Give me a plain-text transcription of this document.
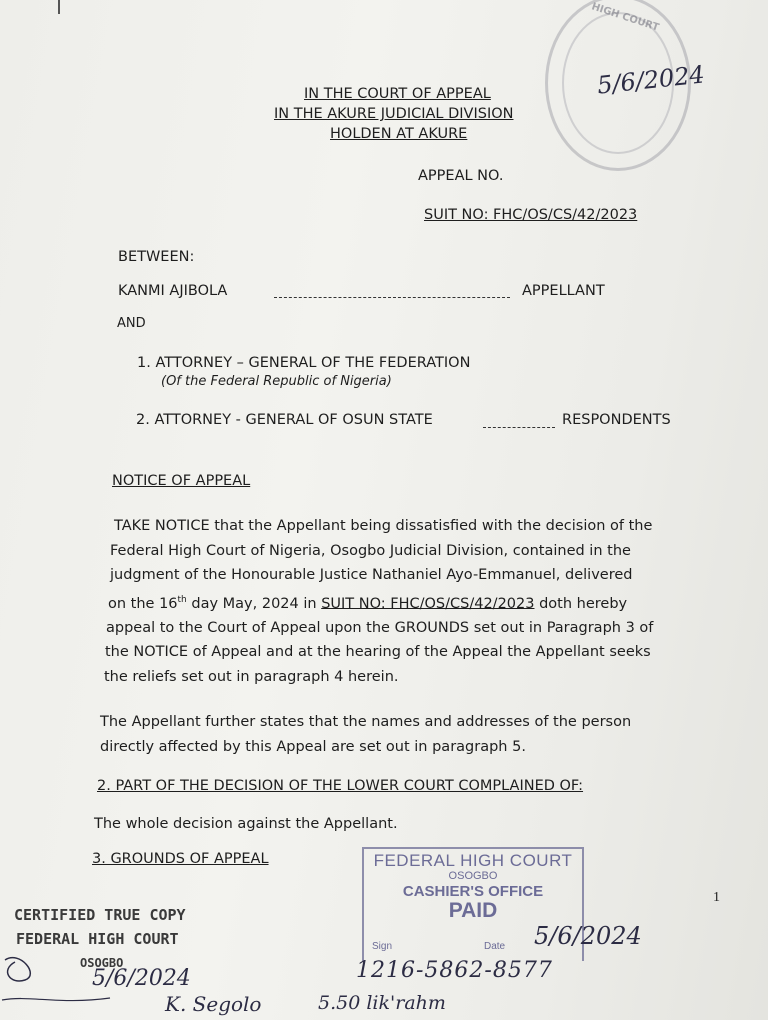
HIGH COURT
5/6/2024
IN THE COURT OF APPEAL
IN THE AKURE JUDICIAL DIVISION
HOLDEN AT AKURE
APPEAL NO.
SUIT NO: FHC/OS/CS/42/2023
BETWEEN:
KANMI AJIBOLA	APPELLANT
AND
1. ATTORNEY – GENERAL OF THE FEDERATION
(Of the Federal Republic of Nigeria)
2. ATTORNEY - GENERAL OF OSUN STATE	RESPONDENTS
NOTICE OF APPEAL
TAKE NOTICE that the Appellant being dissatisfied with the decision of the
Federal High Court of Nigeria, Osogbo Judicial Division, contained in the
judgment of the Honourable Justice Nathaniel Ayo-Emmanuel, delivered
on the 16th day May, 2024 in SUIT NO: FHC/OS/CS/42/2023 doth hereby
appeal to the Court of Appeal upon the GROUNDS set out in Paragraph 3 of
the NOTICE of Appeal and at the hearing of the Appeal the Appellant seeks
the reliefs set out in paragraph 4 herein.
The Appellant further states that the names and addresses of the person
directly affected by this Appeal are set out in paragraph 5.
2. PART OF THE DECISION OF THE LOWER COURT COMPLAINED OF:
The whole decision against the Appellant.
3. GROUNDS OF APPEAL
1
FEDERAL HIGH COURT
OSOGBO
CASHIER'S OFFICE
PAID
Sign	Date 5/6/2024
1216-5862-8577
5.50 lik'rahm
CERTIFIED TRUE COPY
FEDERAL HIGH COURT
OSOGBO
5/6/2024
K. Segolo
